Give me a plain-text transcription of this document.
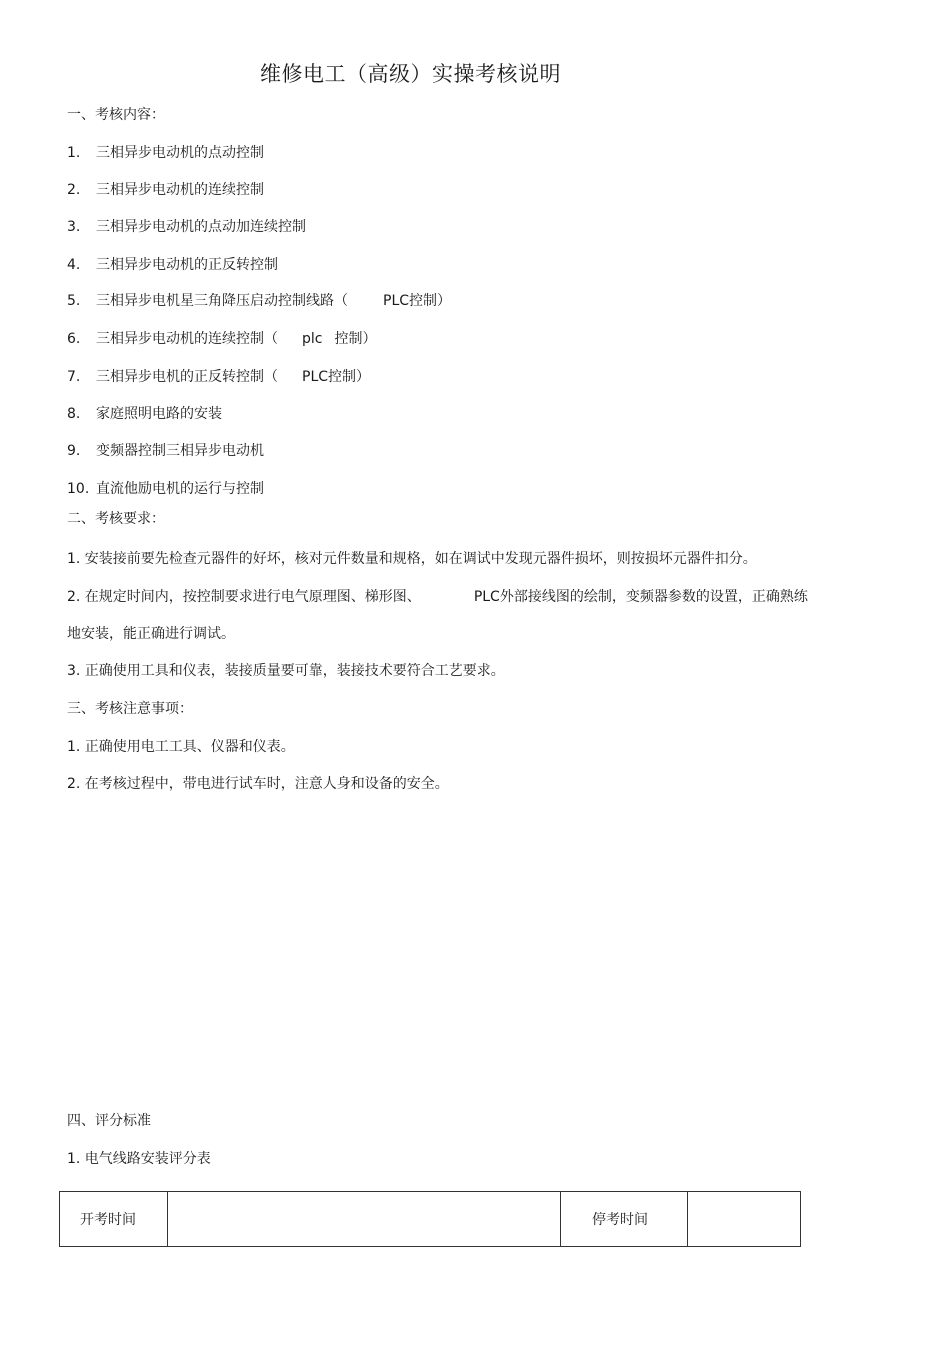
维修电工（高级）实操考核说明
一、考核内容：
1. 三相异步电动机的点动控制
2. 三相异步电动机的连续控制
3. 三相异步电动机的点动加连续控制
4. 三相异步电动机的正反转控制
5. 三相异步电机星三角降压启动控制线路（	PLC控制）
6. 三相异步电动机的连续控制（ plc 控制）
7. 三相异步电机的正反转控制（ PLC控制）
8. 家庭照明电路的安装
9. 变频器控制三相异步电动机
10. 直流他励电机的运行与控制
二、考核要求：
1. 安装接前要先检查元器件的好坏，核对元件数量和规格，如在调试中发现元器件损坏，则按损坏元器件扣分。
2. 在规定时间内，按控制要求进行电气原理图、梯形图、	PLC外部接线图的绘制，变频器参数的设置，正确熟练
地安装，能正确进行调试。
3. 正确使用工具和仪表，装接质量要可靠，装接技术要符合工艺要求。
三、考核注意事项：
1. 正确使用电工工具、仪器和仪表。
2. 在考核过程中，带电进行试车时，注意人身和设备的安全。
四、评分标准
1. 电气线路安装评分表
开考时间		停考时间	
